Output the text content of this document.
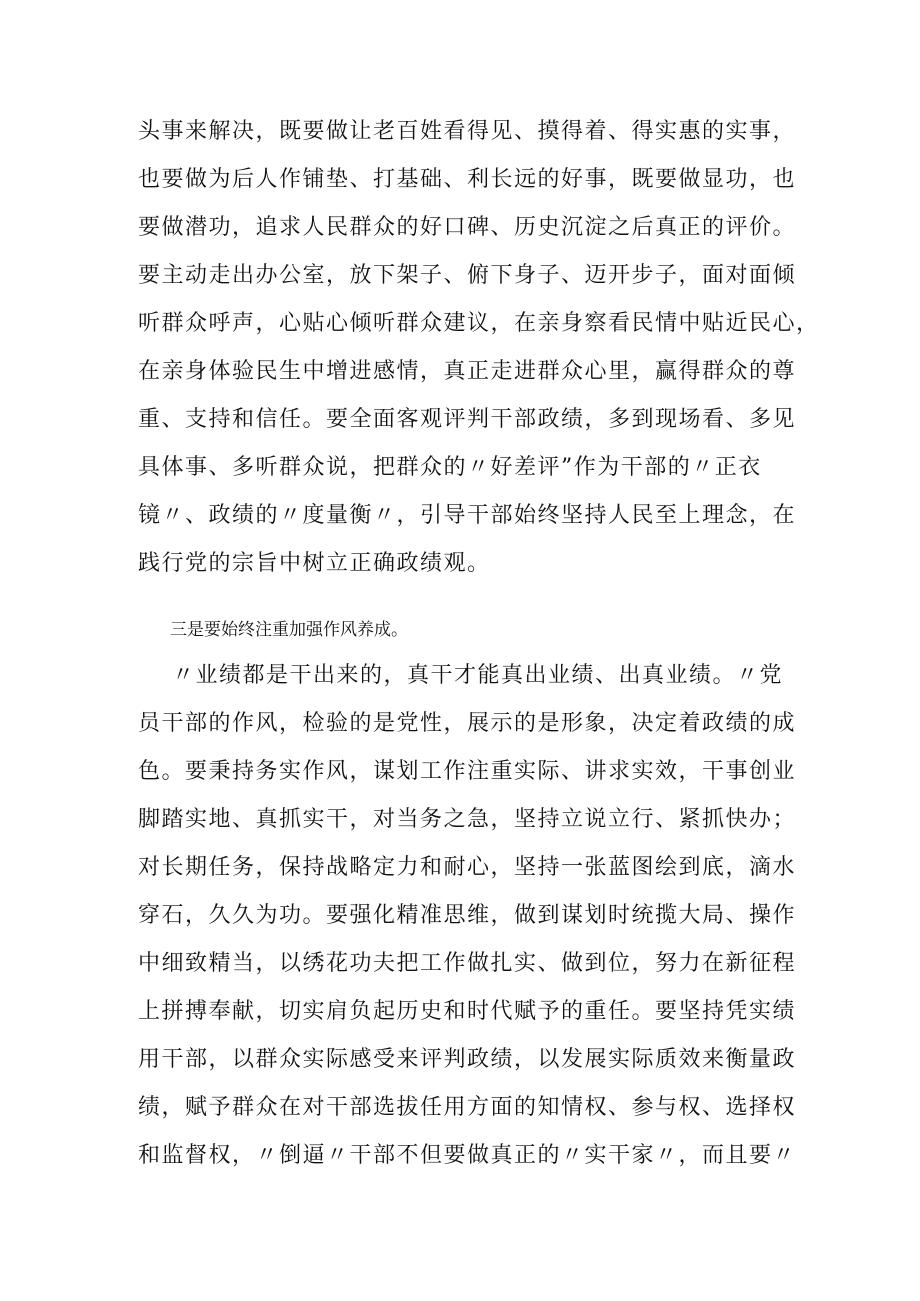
头事来解决，既要做让老百姓看得见、摸得着、得实惠的实事，
也要做为后人作铺垫、打基础、利长远的好事，既要做显功，也
要做潜功，追求人民群众的好口碑、历史沉淀之后真正的评价。
要主动走出办公室，放下架子、俯下身子、迈开步子，面对面倾
听群众呼声，心贴心倾听群众建议，在亲身察看民情中贴近民心，
在亲身体验民生中增进感情，真正走进群众心里，赢得群众的尊
重、支持和信任。要全面客观评判干部政绩，多到现场看、多见
具体事、多听群众说，把群众的〃好差评”作为干部的〃正衣
镜〃、政绩的〃度量衡〃，引导干部始终坚持人民至上理念，在
践行党的宗旨中树立正确政绩观。
三是要始终注重加强作风养成。
〃业绩都是干出来的，真干才能真出业绩、出真业绩。〃党
员干部的作风，检验的是党性，展示的是形象，决定着政绩的成
色。要秉持务实作风，谋划工作注重实际、讲求实效，干事创业
脚踏实地、真抓实干，对当务之急，坚持立说立行、紧抓快办；
对长期任务，保持战略定力和耐心，坚持一张蓝图绘到底，滴水
穿石，久久为功。要强化精准思维，做到谋划时统揽大局、操作
中细致精当，以绣花功夫把工作做扎实、做到位，努力在新征程
上拼搏奉献，切实肩负起历史和时代赋予的重任。要坚持凭实绩
用干部，以群众实际感受来评判政绩，以发展实际质效来衡量政
绩，赋予群众在对干部选拔任用方面的知情权、参与权、选择权
和监督权，〃倒逼〃干部不但要做真正的〃实干家〃，而且要〃
